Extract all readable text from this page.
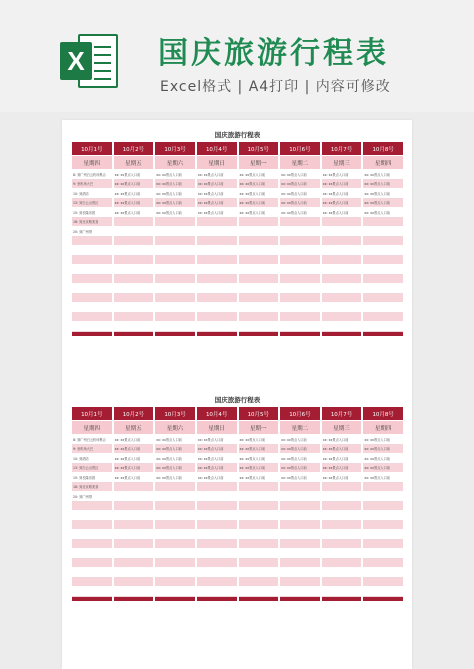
X 国庆旅游行程表
Excel格式 | A4打印 | 内容可修改
国庆旅游行程表
10月1号	10月2号	10月3号	10月4号	10月5号	10月6号	10月7号	10月8号
星期四	星期五	星期六	星期日	星期一	星期二	星期三	星期四
8: 到广州白云机场集合	xx: xx景点入口前	xx: xx景点入口前	xx: xx景点入口前	xx: xx景点入口前	xx: xx景点入口前	xx: xx景点入口前	xx: xx景点入口前
9: 坐机场大巴	xx: xx景点入口前	xx: xx景点入口前	xx: xx景点入口前	xx: xx景点入口前	xx: xx景点入口前	xx: xx景点入口前	xx: xx景点入口前
10: 到酒店	xx: xx景点入口前	xx: xx景点入口前	xx: xx景点入口前	xx: xx景点入口前	xx: xx景点入口前	xx: xx景点入口前	xx: xx景点入口前
13: 到白云山景区	xx: xx景点入口前	xx: xx景点入口前	xx: xx景点入口前	xx: xx景点入口前	xx: xx景点入口前	xx: xx景点入口前	xx: xx景点入口前
15: 到长隆乐园	xx: xx景点入口前	xx: xx景点入口前	xx: xx景点入口前	xx: xx景点入口前	xx: xx景点入口前	xx: xx景点入口前	xx: xx景点入口前
18: 到北京路美食							
20: 到广州塔							

国庆旅游行程表
10月1号	10月2号	10月3号	10月4号	10月5号	10月6号	10月7号	10月8号
星期四	星期五	星期六	星期日	星期一	星期二	星期三	星期四
8: 到广州白云机场集合	xx: xx景点入口前	xx: xx景点入口前	xx: xx景点入口前	xx: xx景点入口前	xx: xx景点入口前	xx: xx景点入口前	xx: xx景点入口前
9: 坐机场大巴	xx: xx景点入口前	xx: xx景点入口前	xx: xx景点入口前	xx: xx景点入口前	xx: xx景点入口前	xx: xx景点入口前	xx: xx景点入口前
10: 到酒店	xx: xx景点入口前	xx: xx景点入口前	xx: xx景点入口前	xx: xx景点入口前	xx: xx景点入口前	xx: xx景点入口前	xx: xx景点入口前
13: 到白云山景区	xx: xx景点入口前	xx: xx景点入口前	xx: xx景点入口前	xx: xx景点入口前	xx: xx景点入口前	xx: xx景点入口前	xx: xx景点入口前
15: 到长隆乐园	xx: xx景点入口前	xx: xx景点入口前	xx: xx景点入口前	xx: xx景点入口前	xx: xx景点入口前	xx: xx景点入口前	xx: xx景点入口前
18: 到北京路美食							
20: 到广州塔							
